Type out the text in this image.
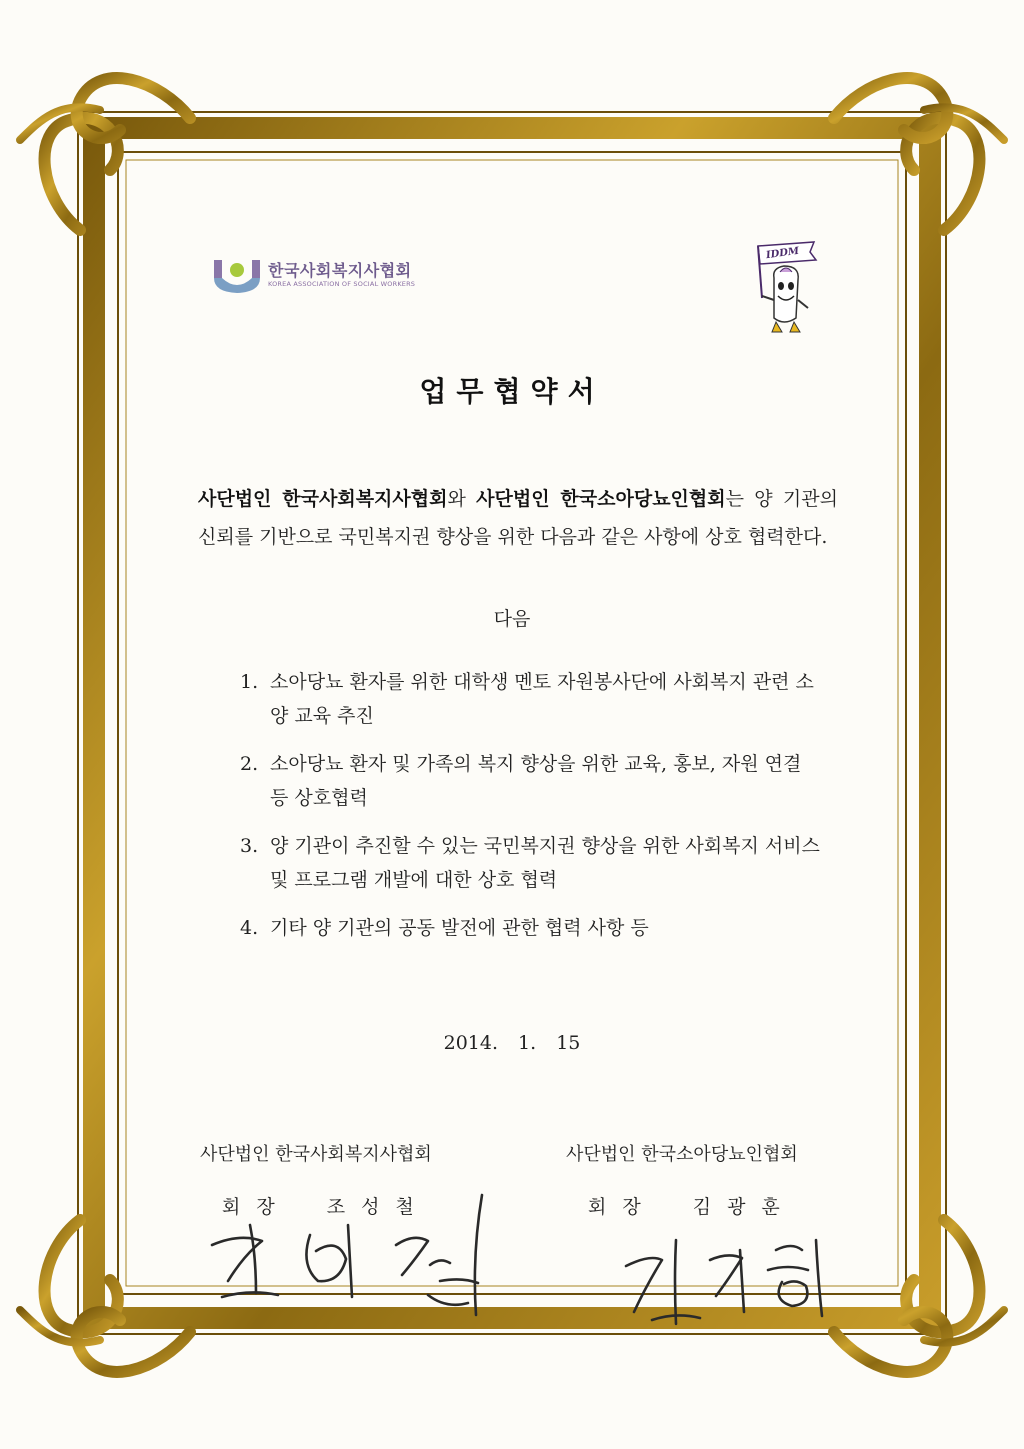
한국사회복지사협회
KOREA ASSOCIATION OF SOCIAL WORKERS
IDDM
업무협약서
사단법인 한국사회복지사협회와 사단법인 한국소아당뇨인협회는 양 기관의 신뢰를 기반으로 국민복지권 향상을 위한 다음과 같은 사항에 상호 협력한다.
다음
1. 소아당뇨 환자를 위한 대학생 멘토 자원봉사단에 사회복지 관련 소양 교육 추진
2. 소아당뇨 환자 및 가족의 복지 향상을 위한 교육, 홍보, 자원 연결 등 상호협력
3. 양 기관이 추진할 수 있는 국민복지권 향상을 위한 사회복지 서비스 및 프로그램 개발에 대한 상호 협력
4. 기타 양 기관의 공동 발전에 관한 협력 사항 등
2014. 1. 15
사단법인 한국사회복지사협회
회장 조성철
사단법인 한국소아당뇨인협회
회장 김광훈
